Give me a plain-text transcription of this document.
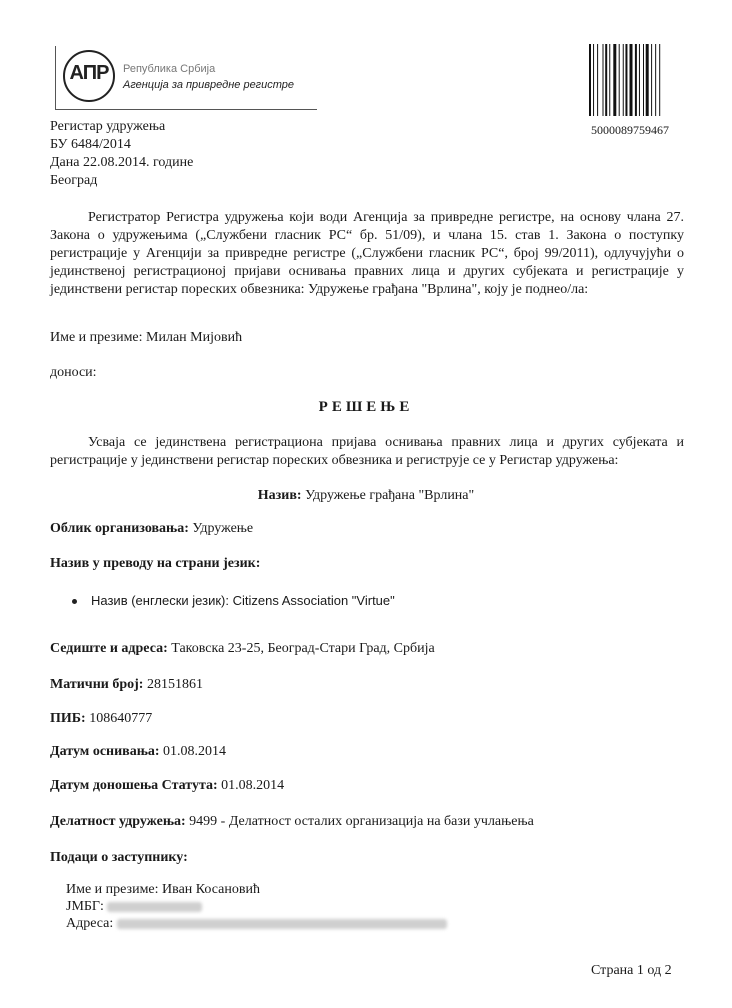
АПР	Република Србија
Агенција за привредне регистре
5000089759467
Регистар удружења
БУ 6484/2014
Дана 22.08.2014. године
Београд
Регистратор Регистра удружења који води Агенција за привредне регистре, на основу члана 27. Закона о удружењима („Службени гласник РС“ бр. 51/09), и члана 15. став 1. Закона о поступку регистрације у Агенцији за привредне регистре („Службени гласник РС“, број 99/2011), одлучујући о јединственој регистрационој пријави оснивања правних лица и других субјеката и регистрације у јединствени регистар пореских обвезника: Удружење грађана "Врлина", коју је поднео/ла:
Име и презиме: Милан Мијовић
доноси:
РЕШЕЊЕ
Усваја се јединствена регистрациона пријава оснивања правних лица и других субјеката и регистрације у јединствени регистар пореских обвезника и региструје се у Регистар удружења:
Назив: Удружење грађана "Врлина"
Облик организовања: Удружење
Назив у преводу на страни језик:
Назив (енглески језик): Citizens Association "Virtue"
Седиште и адреса: Таковска 23-25, Београд-Стари Град, Србија
Матични број: 28151861
ПИБ: 108640777
Датум оснивања: 01.08.2014
Датум доношења Статута: 01.08.2014
Делатност удружења: 9499 - Делатност осталих организација на бази учлањења
Подаци о заступнику:
Име и презиме: Иван Косановић
ЈМБГ:
Адреса:
Страна 1 од 2
